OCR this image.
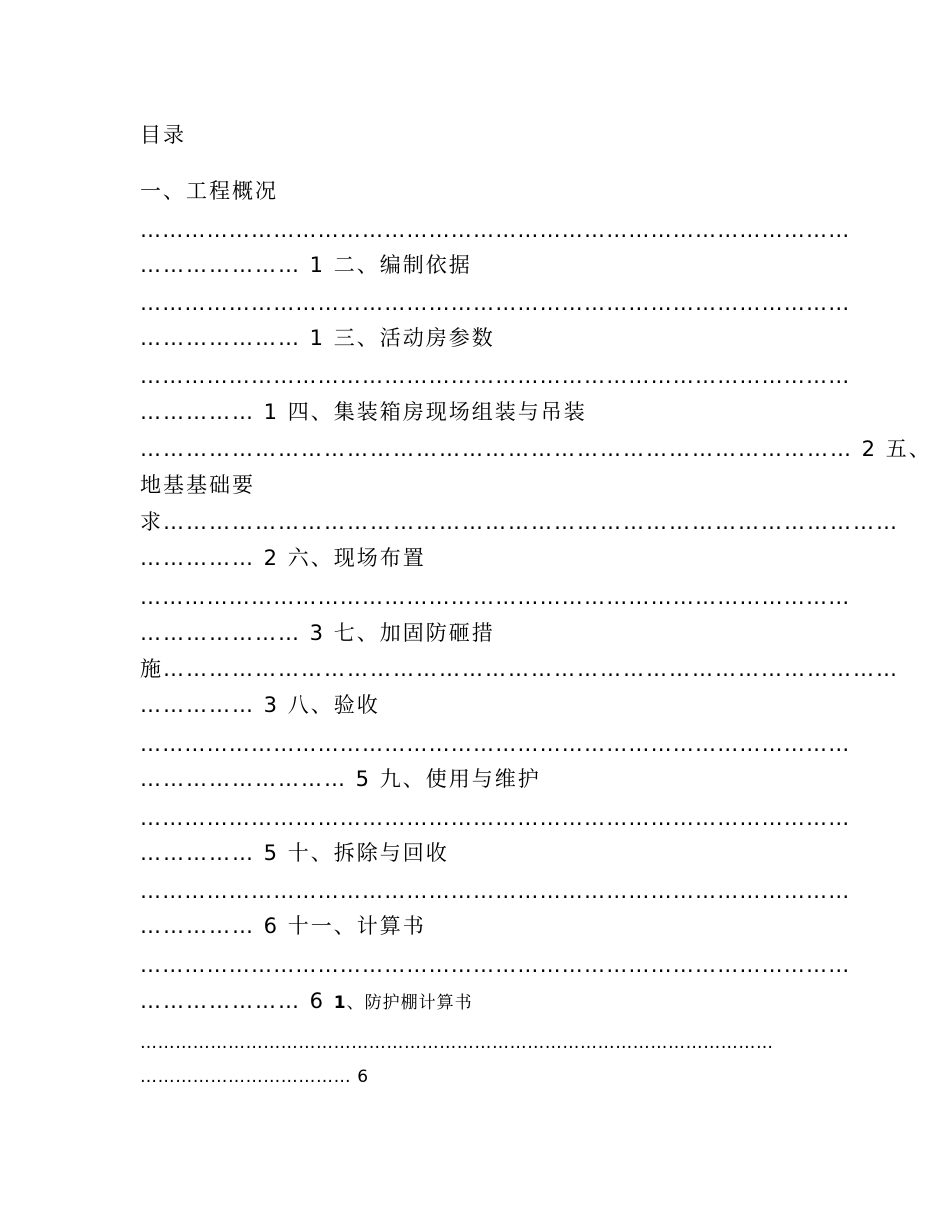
目录
一、工程概况
……………………………………………………………………………………
………………… 1 二、编制依据
……………………………………………………………………………………
………………… 1 三、活动房参数
……………………………………………………………………………………
…………… 1 四、集装箱房现场组装与吊装
………………………………………………………………………………… 2 五、
地基基础要
求……………………………………………………………………………………
…………… 2 六、现场布置
……………………………………………………………………………………
………………… 3 七、加固防砸措
施……………………………………………………………………………………
…………… 3 八、验收
……………………………………………………………………………………
……………………… 5 九、使用与维护
……………………………………………………………………………………
…………… 5 十、拆除与回收
……………………………………………………………………………………
…………… 6 十一、计算书
……………………………………………………………………………………
………………… 6 1、防护棚计算书
………………………………………………………………………………………………
……………………………… 6
